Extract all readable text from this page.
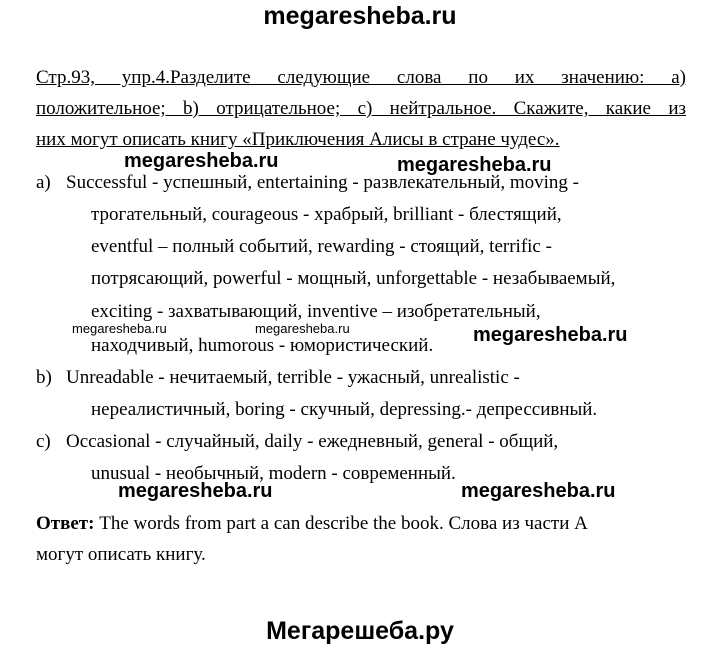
megaresheba.ru
Стр.93, упр.4.Разделите следующие слова по их значению: а)
положительное; b) отрицательное; с) нейтральное. Скажите, какие из
них могут описать книгу «Приключения Алисы в стране чудес».
a) Successful - успешный, entertaining - развлекательный, moving -
трогательный, courageous - храбрый, brilliant - блестящий,
eventful – полный событий, rewarding - стоящий, terrific -
потрясающий, powerful - мощный, unforgettable - незабываемый,
exciting - захватывающий, inventive – изобретательный,
находчивый, humorous - юмористический.
b) Unreadable - нечитаемый, terrible - ужасный, unrealistic -
нереалистичный, boring - скучный, depressing.- депрессивный.
c) Occasional - случайный, daily - ежедневный, general - общий,
unusual - необычный, modern - современный.
Ответ: The words from part a can describe the book. Слова из части А
могут описать книгу.
megaresheba.ru	megaresheba.ru
megaresheba.ru	megaresheba.ru	megaresheba.ru
megaresheba.ru	megaresheba.ru
Мегарешеба.ру
